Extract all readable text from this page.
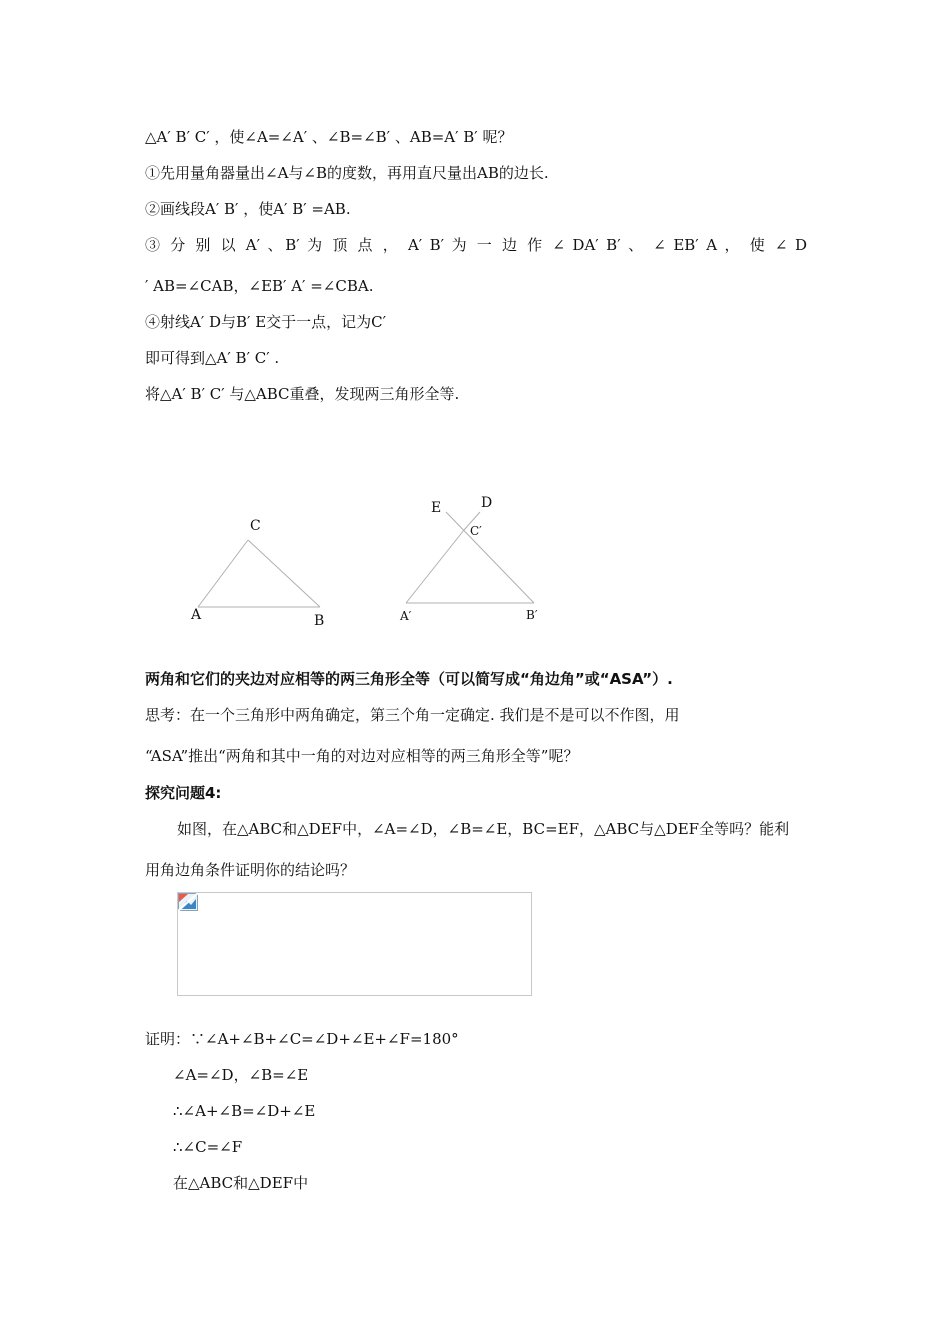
△A′ B′ C′ ，使∠A=∠A′ 、∠B=∠B′ 、AB=A′ B′ 呢？
①先用量角器量出∠A与∠B的度数，再用直尺量出AB的边长.
②画线段A′ B′ ，使A′ B′ =AB.
③ 分 别 以 A′ 、B′ 为 顶 点 ， A′ B′ 为 一 边 作 ∠ DA′ B′ 、 ∠ EB′ A ， 使 ∠ D
′ AB=∠CAB，∠EB′ A′ =∠CBA.
④射线A′ D与B′ E交于一点，记为C′
即可得到△A′ B′ C′ .
将△A′ B′ C′ 与△ABC重叠，发现两三角形全等.
C
A	B
E	D
C′
A′	B′
两角和它们的夹边对应相等的两三角形全等（可以简写成“角边角”或“ASA”）.
思考：在一个三角形中两角确定，第三个角一定确定. 我们是不是可以不作图，用
“ASA”推出“两角和其中一角的对边对应相等的两三角形全等”呢？
探究问题4:
如图，在△ABC和△DEF中，∠A=∠D，∠B=∠E，BC=EF，△ABC与△DEF全等吗？能利
用角边角条件证明你的结论吗？
证明：∵∠A+∠B+∠C=∠D+∠E+∠F=180°
∠A=∠D，∠B=∠E
∴∠A+∠B=∠D+∠E
∴∠C=∠F
在△ABC和△DEF中
